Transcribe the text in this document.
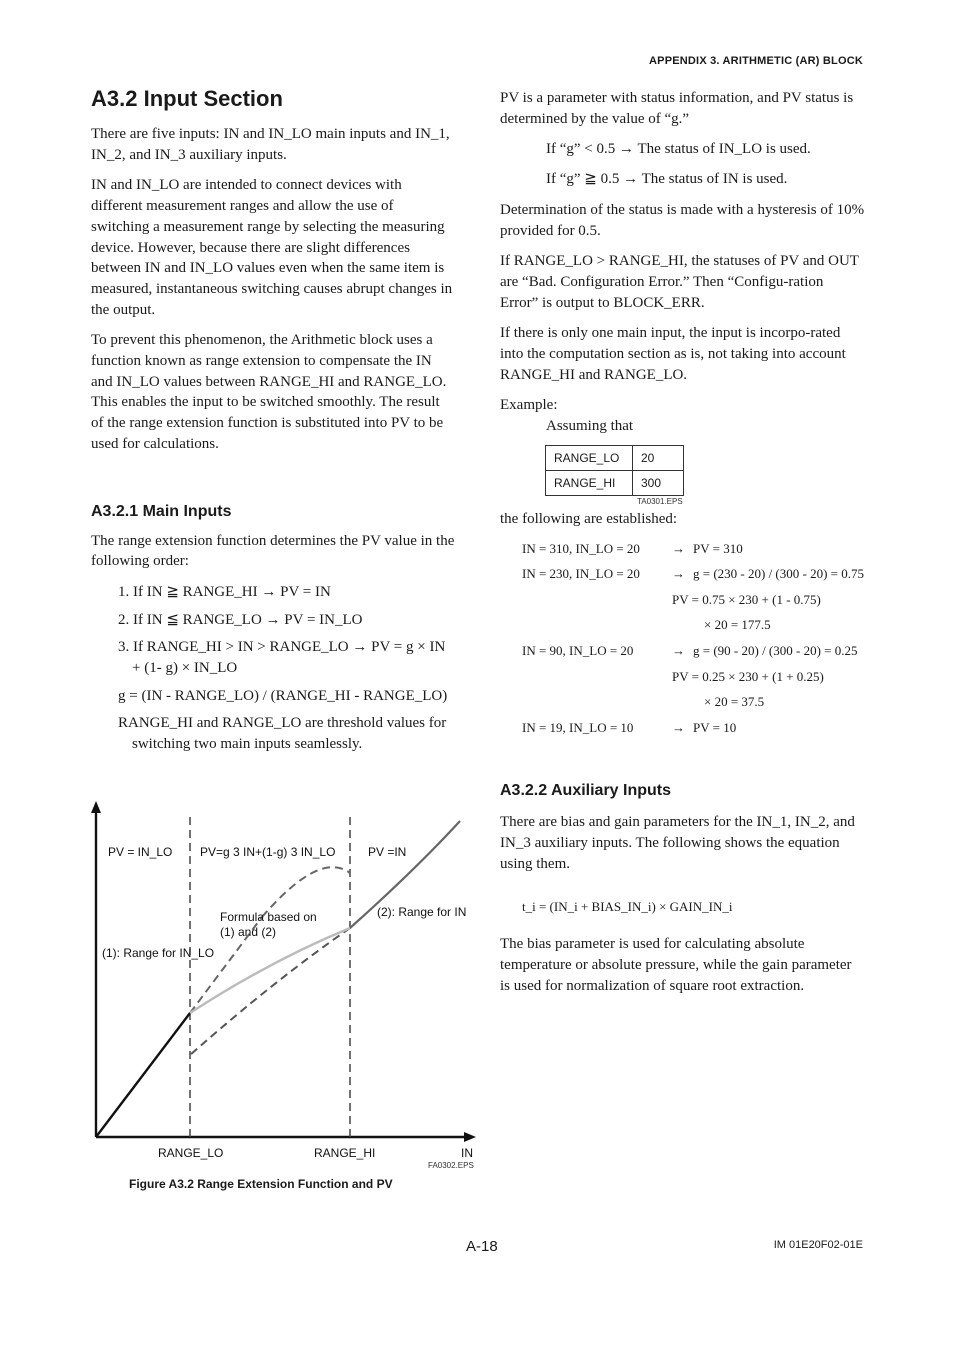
APPENDIX 3. ARITHMETIC (AR) BLOCK
A3.2 Input Section

There are five inputs: IN and IN_LO main inputs and IN_1, IN_2, and IN_3 auxiliary inputs.

IN and IN_LO are intended to connect devices with different measurement ranges and allow the use of switching a measurement range by selecting the measuring device. However, because there are slight differences between IN and IN_LO values even when the same item is measured, instantaneous switching causes abrupt changes in the output.

To prevent this phenomenon, the Arithmetic block uses a function known as range extension to compensate the IN and IN_LO values between RANGE_HI and RANGE_LO. This enables the input to be switched smoothly. The result of the range extension function is substituted into PV to be used for calculations.

A3.2.1 Main Inputs

The range extension function determines the PV value in the following order:

1. If IN ≧ RANGE_HI → PV = IN
2. If IN ≦ RANGE_LO → PV = IN_LO
3. If RANGE_HI > IN > RANGE_LO → PV = g × IN + (1- g) × IN_LO
g = (IN - RANGE_LO) / (RANGE_HI - RANGE_LO)
RANGE_HI and RANGE_LO are threshold values for switching two main inputs seamlessly.
PV = IN_LO PV=g 3 IN+(1-g) 3 IN_LO	PV =IN
Formula based on
(1) and (2)
(2): Range for IN
(1): Range for IN_LO
RANGE_LO	RANGE_HI	IN
FA0302.EPS
Figure A3.2 Range Extension Function and PV

PV is a parameter with status information, and PV status is determined by the value of “g.”

If “g” < 0.5 → The status of IN_LO is used.
If “g” ≧ 0.5 → The status of IN is used.

Determination of the status is made with a hysteresis of 10% provided for 0.5.

If RANGE_LO > RANGE_HI, the statuses of PV and OUT are “Bad. Configuration Error.” Then “Configu-ration Error” is output to BLOCK_ERR.

If there is only one main input, the input is incorpo-rated into the computation section as is, not taking into account RANGE_HI and RANGE_LO.

Example:

Assuming that
RANGE_LO	20
RANGE_HI	300
TA0301.EPS

the following are established:

IN = 310, IN_LO = 20	→ PV = 310
IN = 230, IN_LO = 20	→ g = (230 - 20) / (300 - 20) = 0.75
PV = 0.75 × 230 + (1 - 0.75)
× 20 = 177.5
IN = 90, IN_LO = 20	→ g = (90 - 20) / (300 - 20) = 0.25
PV = 0.25 × 230 + (1 + 0.25)
× 20 = 37.5
IN = 19, IN_LO = 10	→ PV = 10
A3.2.2 Auxiliary Inputs

There are bias and gain parameters for the IN_1, IN_2, and IN_3 auxiliary inputs. The following shows the equation using them.

t_i = (IN_i + BIAS_IN_i) × GAIN_IN_i

The bias parameter is used for calculating absolute temperature or absolute pressure, while the gain parameter is used for normalization of square root extraction.

A-18	IM 01E20F02-01E
